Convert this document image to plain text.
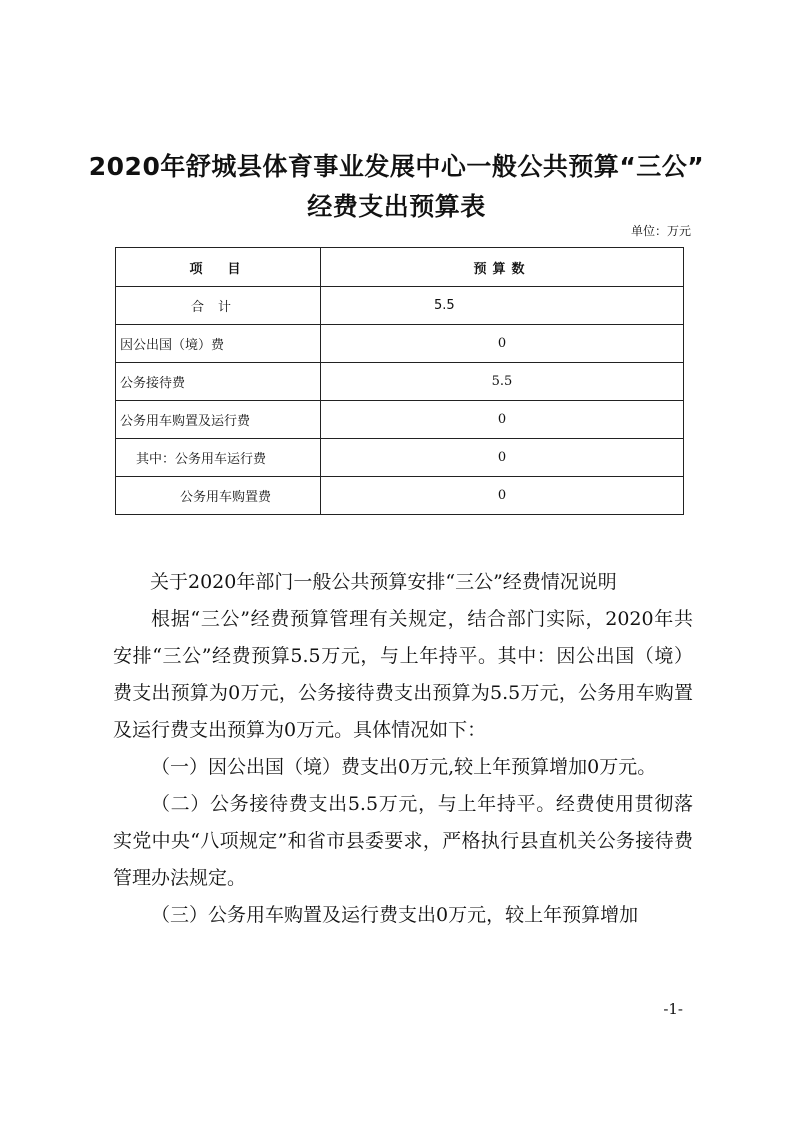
2020年舒城县体育事业发展中心一般公共预算“三公”
经费支出预算表
单位：万元
项　目	预算数
合计	5.5
因公出国（境）费	0
公务接待费	5.5
公务用车购置及运行费	0
其中：公务用车运行费	0
公务用车购置费	0
关于2020年部门一般公共预算安排“三公”经费情况说明

根据“三公”经费预算管理有关规定，结合部门实际，2020年共安排“三公”经费预算5.5万元，与上年持平。其中：因公出国（境）费支出预算为0万元，公务接待费支出预算为5.5万元，公务用车购置及运行费支出预算为0万元。具体情况如下：

（一）因公出国（境）费支出0万元,较上年预算增加0万元。

（二）公务接待费支出5.5万元，与上年持平。经费使用贯彻落实党中央“八项规定”和省市县委要求，严格执行县直机关公务接待费管理办法规定。

（三）公务用车购置及运行费支出0万元，较上年预算增加

-1-
